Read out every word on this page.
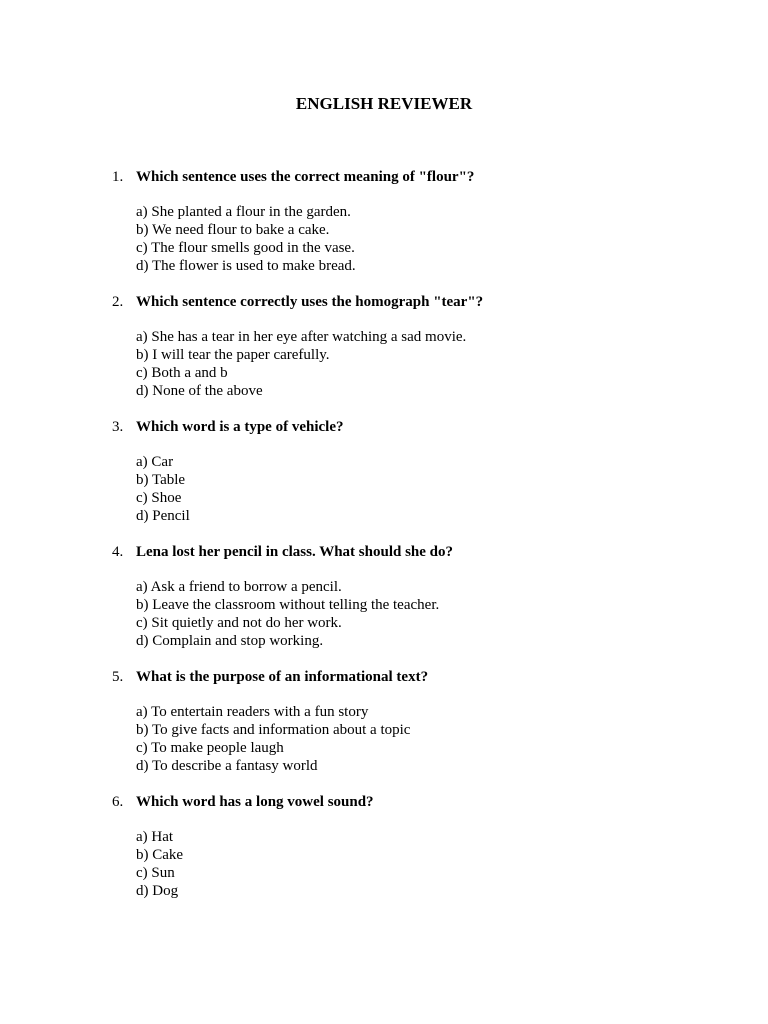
ENGLISH REVIEWER
1. Which sentence uses the correct meaning of "flour"?
a) She planted a flour in the garden.
b) We need flour to bake a cake.
c) The flour smells good in the vase.
d) The flower is used to make bread.
2. Which sentence correctly uses the homograph "tear"?
a) She has a tear in her eye after watching a sad movie.
b) I will tear the paper carefully.
c) Both a and b
d) None of the above
3. Which word is a type of vehicle?
a) Car
b) Table
c) Shoe
d) Pencil
4. Lena lost her pencil in class. What should she do?
a) Ask a friend to borrow a pencil.
b) Leave the classroom without telling the teacher.
c) Sit quietly and not do her work.
d) Complain and stop working.
5. What is the purpose of an informational text?
a) To entertain readers with a fun story
b) To give facts and information about a topic
c) To make people laugh
d) To describe a fantasy world
6. Which word has a long vowel sound?
a) Hat
b) Cake
c) Sun
d) Dog
